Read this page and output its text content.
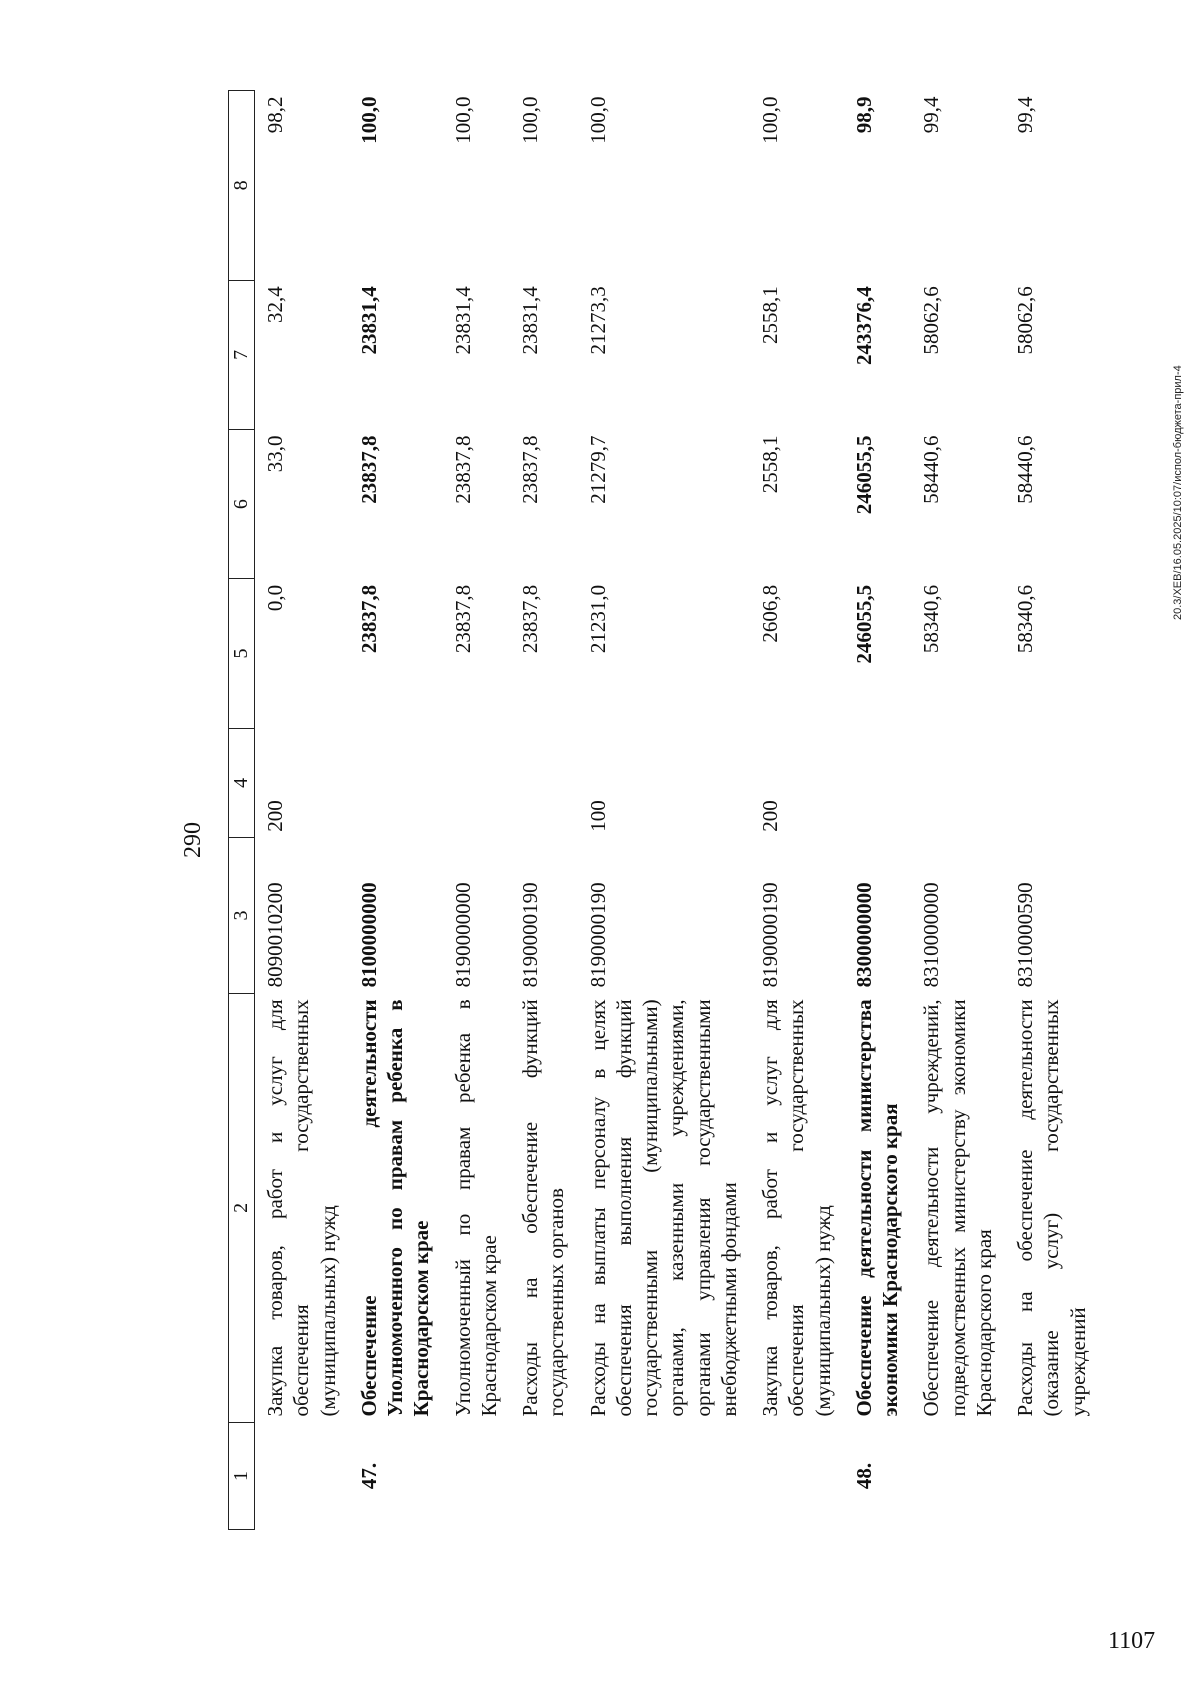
290
1	2	3	4	5	6	7	8
	Закупка товаров, работ и услуг для обеспечения государственных (муниципальных) нужд	8090010200	200	0,0	33,0	32,4	98,2
47.	Обеспечение деятельности Уполномоченного по правам ребенка в Краснодарском крае	8100000000		23837,8	23837,8	23831,4	100,0
	Уполномоченный по правам ребенка в Краснодарском крае	8190000000		23837,8	23837,8	23831,4	100,0
	Расходы на обеспечение функций государственных органов	8190000190		23837,8	23837,8	23831,4	100,0
	Расходы на выплаты персоналу в целях обеспечения выполнения функций государственными (муниципальными) органами, казенными учреждениями, органами управления государственными внебюджетными фондами	8190000190	100	21231,0	21279,7	21273,3	100,0
	Закупка товаров, работ и услуг для обеспечения государственных (муниципальных) нужд	8190000190	200	2606,8	2558,1	2558,1	100,0
48.	Обеспечение деятельности министерства экономики Краснодарского края	8300000000		246055,5	246055,5	243376,4	98,9
	Обеспечение деятельности учреждений, подведомственных министерству экономики Краснодарского края	8310000000		58340,6	58440,6	58062,6	99,4
	Расходы на обеспечение деятельности (оказание услуг) государственных учреждений	8310000590		58340,6	58440,6	58062,6	99,4
20.3/XEB/16.05.2025/10:07/испол-бюджета-прил-4
1107
